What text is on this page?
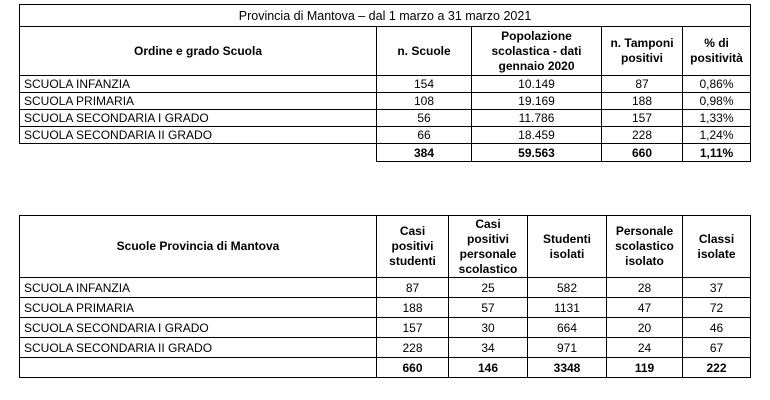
Provincia di Mantova – dal 1 marzo a 31 marzo 2021				
Ordine e grado Scuola	n. Scuole	Popolazione scolastica - dati gennaio 2020	n. Tamponi positivi	% di positività
SCUOLA INFANZIA	154	10.149	87	0,86%
SCUOLA PRIMARIA	108	19.169	188	0,98%
SCUOLA SECONDARIA I GRADO	56	11.786	157	1,33%
SCUOLA SECONDARIA II GRADO	66	18.459	228	1,24%
	384	59.563	660	1,11%
Scuole Provincia di Mantova	Casi positivi studenti	Casi positivi personale scolastico	Studenti isolati	Personale scolastico isolato	Classi isolate
SCUOLA INFANZIA	87	25	582	28	37
SCUOLA PRIMARIA	188	57	1131	47	72
SCUOLA SECONDARIA I GRADO	157	30	664	20	46
SCUOLA SECONDARIA II GRADO	228	34	971	24	67
	660	146	3348	119	222
